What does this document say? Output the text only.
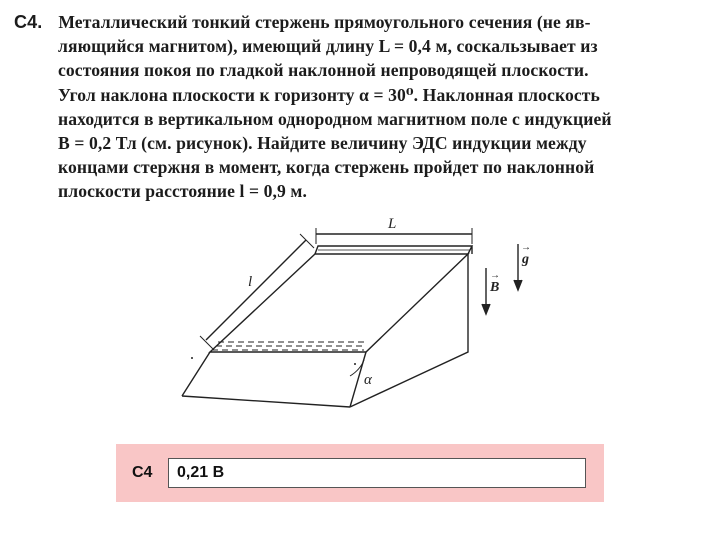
С4. Металлический тонкий стержень прямоугольного сечения (не яв-
ляющийся магнитом), имеющий длину L = 0,4 м, соскальзывает из
состояния покоя по гладкой наклонной непроводящей плоскости.
Угол наклона плоскости к горизонту α = 30⁰. Наклонная плоскость
находится в вертикальном однородном магнитном поле с индукцией
B = 0,2 Тл (см. рисунок). Найдите величину ЭДС индукции между
концами стержня в момент, когда стержень пройдет по наклонной
плоскости расстояние l = 0,9 м.
L
l
α
→
g
→
B
С4 0,21 В
